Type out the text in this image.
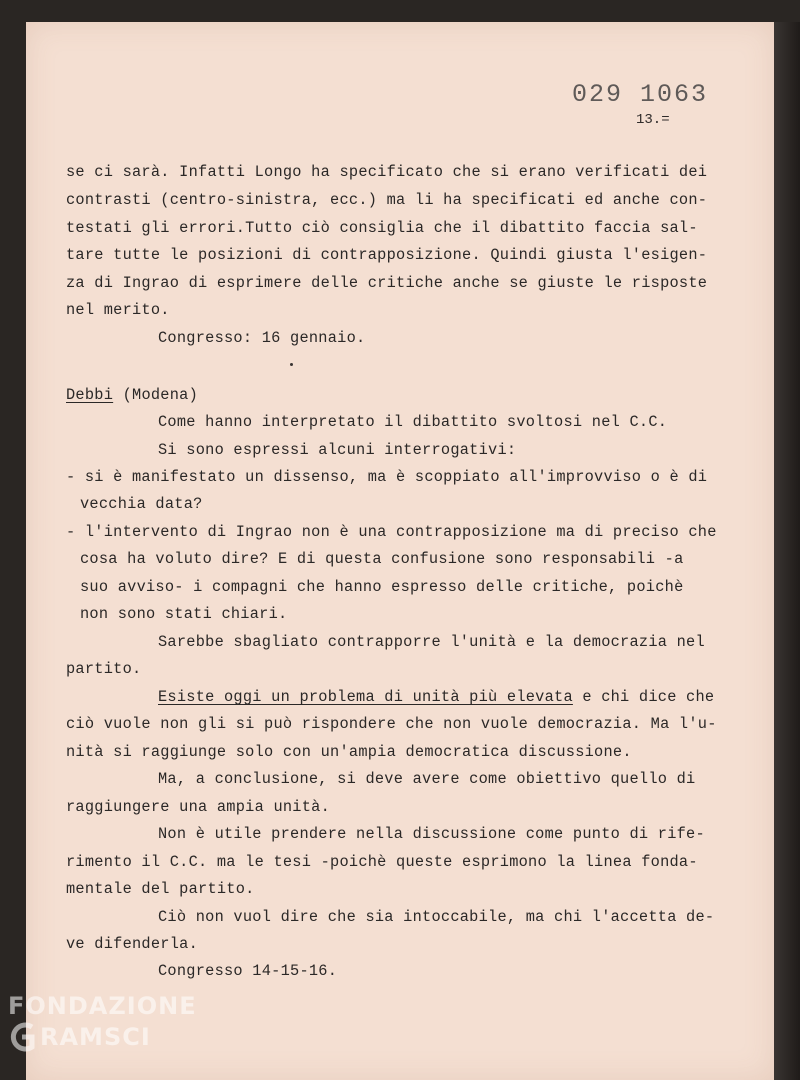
029 1063
13.=
se ci sarà. Infatti Longo ha specificato che si erano verificati dei
contrasti (centro-sinistra, ecc.) ma li ha specificati ed anche con-
testati gli errori.Tutto ciò consiglia che il dibattito faccia sal-
tare tutte le posizioni di contrapposizione. Quindi giusta l'esigen-
za di Ingrao di esprimere delle critiche anche se giuste le risposte
nel merito.
Congresso: 16 gennaio.
Debbi (Modena)
Come hanno interpretato il dibattito svoltosi nel C.C.
Si sono espressi alcuni interrogativi:
- si è manifestato un dissenso, ma è scoppiato all'improvviso o è di
vecchia data?
- l'intervento di Ingrao non è una contrapposizione ma di preciso che
cosa ha voluto dire? E di questa confusione sono responsabili -a
suo avviso- i compagni che hanno espresso delle critiche, poichè
non sono stati chiari.
Sarebbe sbagliato contrapporre l'unità e la democrazia nel
partito.
Esiste oggi un problema di unità più elevata e chi dice che
ciò vuole non gli si può rispondere che non vuole democrazia. Ma l'u-
nità si raggiunge solo con un'ampia democratica discussione.
Ma, a conclusione, si deve avere come obiettivo quello di
raggiungere una ampia unità.
Non è utile prendere nella discussione come punto di rife-
rimento il C.C. ma le tesi -poichè queste esprimono la linea fonda-
mentale del partito.
Ciò non vuol dire che sia intoccabile, ma chi l'accetta de-
ve difenderla.
Congresso 14-15-16.
FONDAZIONE
RAMSCI
